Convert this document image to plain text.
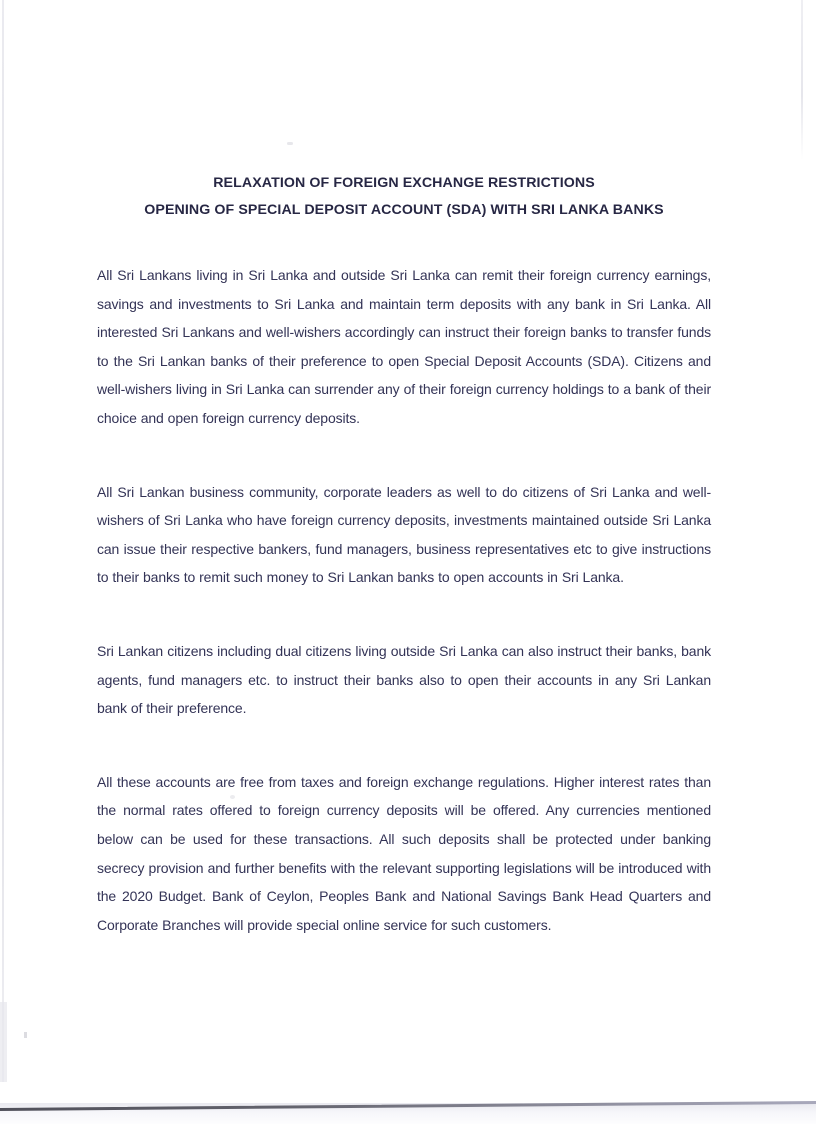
RELAXATION OF FOREIGN EXCHANGE RESTRICTIONS
OPENING OF SPECIAL DEPOSIT ACCOUNT (SDA) WITH SRI LANKA BANKS

All Sri Lankans living in Sri Lanka and outside Sri Lanka can remit their foreign currency earnings, savings and investments to Sri Lanka and maintain term deposits with any bank in Sri Lanka. All interested Sri Lankans and well-wishers accordingly can instruct their foreign banks to transfer funds to the Sri Lankan banks of their preference to open Special Deposit Accounts (SDA). Citizens and well-wishers living in Sri Lanka can surrender any of their foreign currency holdings to a bank of their choice and open foreign currency deposits.

All Sri Lankan business community, corporate leaders as well to do citizens of Sri Lanka and well-wishers of Sri Lanka who have foreign currency deposits, investments maintained outside Sri Lanka can issue their respective bankers, fund managers, business representatives etc to give instructions to their banks to remit such money to Sri Lankan banks to open accounts in Sri Lanka.

Sri Lankan citizens including dual citizens living outside Sri Lanka can also instruct their banks, bank agents, fund managers etc. to instruct their banks also to open their accounts in any Sri Lankan bank of their preference.

All these accounts are free from taxes and foreign exchange regulations. Higher interest rates than the normal rates offered to foreign currency deposits will be offered. Any currencies mentioned below can be used for these transactions. All such deposits shall be protected under banking secrecy provision and further benefits with the relevant supporting legislations will be introduced with the 2020 Budget. Bank of Ceylon, Peoples Bank and National Savings Bank Head Quarters and Corporate Branches will provide special online service for such customers.
